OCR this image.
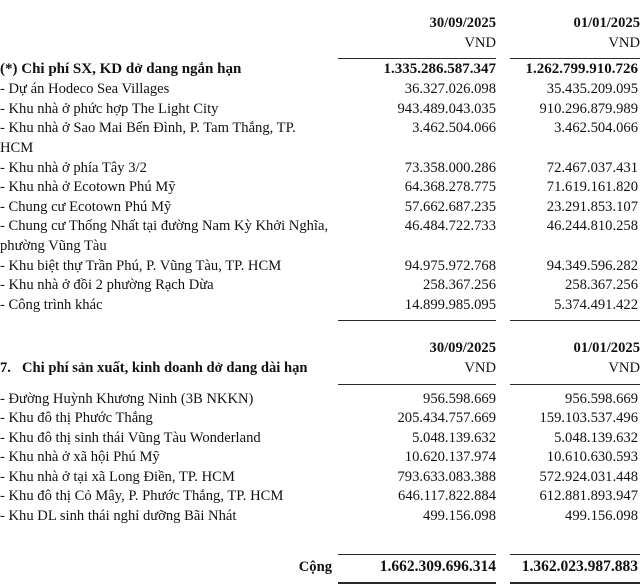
		30/09/2025		01/01/2025
		VND		VND

(*) Chi phí SX, KD dở dang ngắn hạn		1.335.286.587.347		1.262.799.910.726
- Dự án Hodeco Sea Villages		36.327.026.098		35.435.209.095
- Khu nhà ở phức hợp The Light City		943.489.043.035		910.296.879.989
- Khu nhà ở Sao Mai Bến Đình, P. Tam Thắng, TP. HCM		3.462.504.066		3.462.504.066
- Khu nhà ở phía Tây 3/2		73.358.000.286		72.467.037.431
- Khu nhà ở Ecotown Phú Mỹ		64.368.278.775		71.619.161.820
- Chung cư Ecotown Phú Mỹ		57.662.687.235		23.291.853.107
- Chung cư Thống Nhất tại đường Nam Kỳ Khởi Nghĩa, phường Vũng Tàu		46.484.722.733		46.244.810.258
- Khu biệt thự Trần Phú, P. Vũng Tàu, TP. HCM		94.975.972.768		94.349.596.282
- Khu nhà ở đồi 2 phường Rạch Dừa		258.367.256		258.367.256
- Công trình khác		14.899.985.095		5.374.491.422

		30/09/2025		01/01/2025
7. Chi phí sản xuất, kinh doanh dở dang dài hạn		VND		VND

- Đường Huỳnh Khương Ninh (3B NKKN)		956.598.669		956.598.669
- Khu đô thị Phước Thắng		205.434.757.669		159.103.537.496
- Khu đô thị sinh thái Vũng Tàu Wonderland		5.048.139.632		5.048.139.632
- Khu nhà ở xã hội Phú Mỹ		10.620.137.974		10.610.630.593
- Khu nhà ở tại xã Long Điền, TP. HCM		793.633.083.388		572.924.031.448
- Khu đô thị Cỏ Mây, P. Phước Thắng, TP. HCM		646.117.822.884		612.881.893.947
- Khu DL sinh thái nghỉ dưỡng Bãi Nhát		499.156.098		499.156.098

Cộng		1.662.309.696.314		1.362.023.987.883
